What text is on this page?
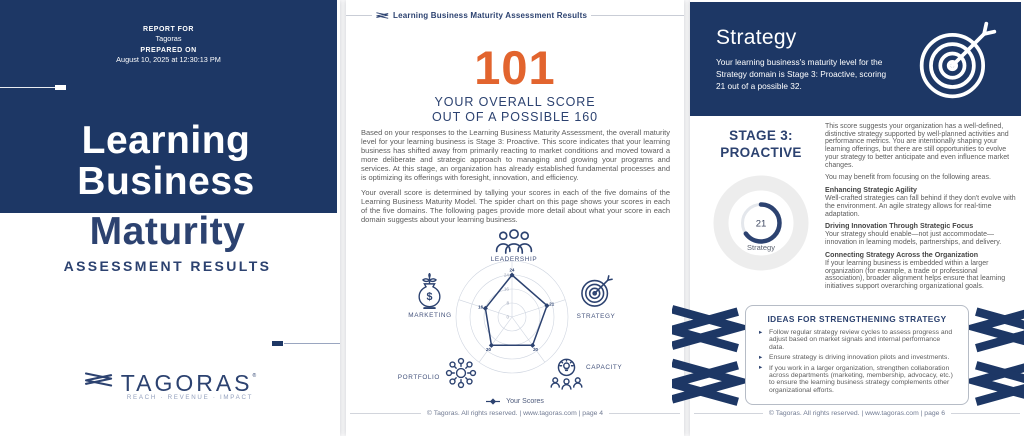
REPORT FOR
Tagoras
PREPARED ON
August 10, 2025 at 12:30:13 PM
Learning
Business
Maturity
ASSESSMENT RESULTS
TAGORAS®
REACH · REVENUE · IMPACT
Learning Business Maturity Assessment Results
101
YOUR OVERALL SCORE
OUT OF A POSSIBLE 160

Based on your responses to the Learning Business Maturity Assessment, the overall maturity level for your learning business is Stage 3: Proactive. This score indicates that your learning business has shifted away from primarily reacting to market conditions and moved toward a more deliberate and strategic approach to managing and growing your programs and services. At this stage, an organization has already established fundamental processes and is optimizing its offerings with foresight, innovation, and efficiency.

Your overall score is determined by tallying your scores in each of the five domains of the Learning Business Maturity Model. The spider chart on this page shows your scores in each of the five domains. The following pages provide more detail about what your score in each domain suggests about your learning business.

0
8
16
24
24
21
20
20
16
LEADERSHIP
STRATEGY
CAPACITY
PORTFOLIO
MARKETING
Your Scores
© Tagoras. All rights reserved. | www.tagoras.com | page 4
Strategy
Your learning business's maturity level for the Strategy domain is Stage 3: Proactive, scoring 21 out of a possible 32.
STAGE 3:
PROACTIVE
21
Strategy

This score suggests your organization has a well-defined, distinctive strategy supported by well-planned activities and performance metrics. You are intentionally shaping your learning offerings, but there are still opportunities to evolve your strategy to better anticipate and even influence market changes.

You may benefit from focusing on the following areas.

Enhancing Strategic Agility

Well-crafted strategies can fall behind if they don't evolve with the environment. An agile strategy allows for real-time adaptation.

Driving Innovation Through Strategic Focus

Your strategy should enable—not just accommodate—innovation in learning models, partnerships, and delivery.

Connecting Strategy Across the Organization

If your learning business is embedded within a larger organization (for example, a trade or professional association), broader alignment helps ensure that learning initiatives support overarching organizational goals.

IDEAS FOR STRENGTHENING STRATEGY
▸ Follow regular strategy review cycles to assess progress and adjust based on market signals and internal performance data.
▸ Ensure strategy is driving innovation pilots and investments.
▸ If you work in a larger organization, strengthen collaboration across departments (marketing, membership, advocacy, etc.) to ensure the learning business strategy complements other organizational efforts.
© Tagoras. All rights reserved. | www.tagoras.com | page 6
